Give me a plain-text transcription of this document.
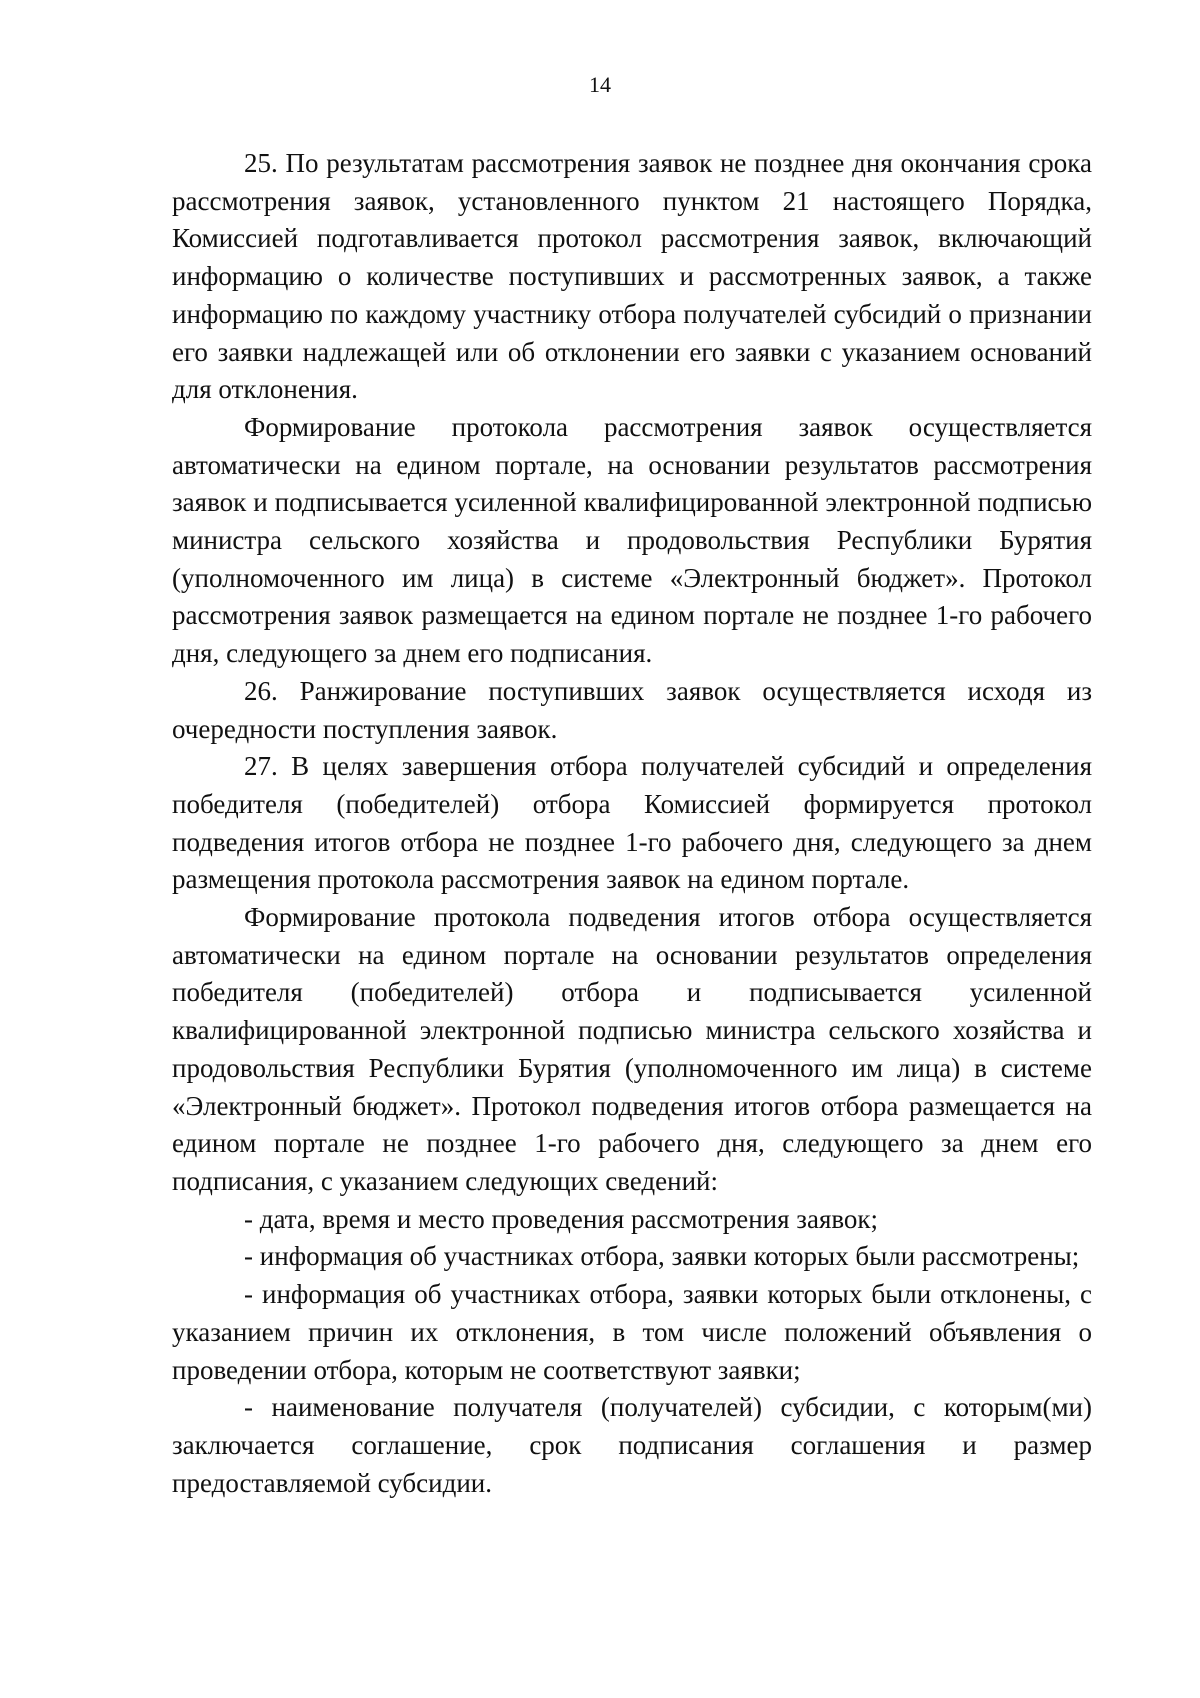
14

25. По результатам рассмотрения заявок не позднее дня окончания срока рассмотрения заявок, установленного пунктом 21 настоящего Порядка, Комиссией подготавливается протокол рассмотрения заявок, включающий информацию о количестве поступивших и рассмотренных заявок, а также информацию по каждому участнику отбора получателей субсидий о признании его заявки надлежащей или об отклонении его заявки с указанием оснований для отклонения.

Формирование протокола рассмотрения заявок осуществляется автоматически на едином портале, на основании результатов рассмотрения заявок и подписывается усиленной квалифицированной электронной подписью министра сельского хозяйства и продовольствия Республики Бурятия (уполномоченного им лица) в системе «Электронный бюджет». Протокол рассмотрения заявок размещается на едином портале не позднее 1-го рабочего дня, следующего за днем его подписания.

26. Ранжирование поступивших заявок осуществляется исходя из очередности поступления заявок.

27. В целях завершения отбора получателей субсидий и определения победителя (победителей) отбора Комиссией формируется протокол подведения итогов отбора не позднее 1-го рабочего дня, следующего за днем размещения протокола рассмотрения заявок на едином портале.

Формирование протокола подведения итогов отбора осуществляется автоматически на едином портале на основании результатов определения победителя (победителей) отбора и подписывается усиленной квалифицированной электронной подписью министра сельского хозяйства и продовольствия Республики Бурятия (уполномоченного им лица) в системе «Электронный бюджет». Протокол подведения итогов отбора размещается на едином портале не позднее 1-го рабочего дня, следующего за днем его подписания, с указанием следующих сведений:

- дата, время и место проведения рассмотрения заявок;

- информация об участниках отбора, заявки которых были рассмотрены;

- информация об участниках отбора, заявки которых были отклонены, с указанием причин их отклонения, в том числе положений объявления о проведении отбора, которым не соответствуют заявки;

- наименование получателя (получателей) субсидии, с которым(ми) заключается соглашение, срок подписания соглашения и размер предоставляемой субсидии.
